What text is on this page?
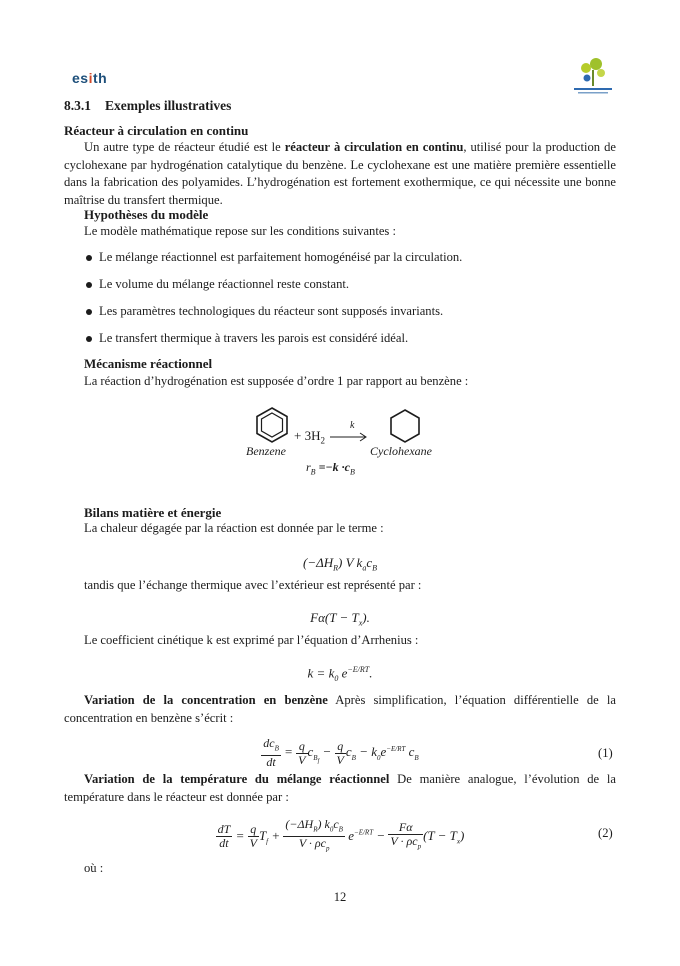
esith
8.3.1 Exemples illustratives
Réacteur à circulation en continu

Un autre type de réacteur étudié est le réacteur à circulation en continu, utilisé pour la production de cyclohexane par hydrogénation catalytique du benzène. Le cyclohexane est une matière première essentielle dans la fabrication des polyamides. L’hydrogénation est fortement exothermique, ce qui nécessite une bonne maîtrise du transfert thermique.

Hypothèses du modèle

Le modèle mathématique repose sur les conditions suivantes :

Le mélange réactionnel est parfaitement homogénéisé par la circulation.
Le volume du mélange réactionnel reste constant.
Les paramètres technologiques du réacteur sont supposés invariants.
Le transfert thermique à travers les parois est considéré idéal.
Mécanisme réactionnel

La réaction d’hydrogénation est supposée d’ordre 1 par rapport au benzène :

+ $3H_2$
k
Benzene	Cyclohexane
$r_B =-k \cdot c_B$
Bilans matière et énergie

La chaleur dégagée par la réaction est donnée par le terme :

$(-\Delta H_R)$ V $k_ac_B$

tandis que l’échange thermique avec l’extérieur est représenté par :

$F\alpha(T - T_x)$.

Le coefficient cinétique k est exprimé par l’équation d’Arrhenius :

$k = k_0$ $e^{-E/RT}$.

Variation de la concentration en benzène Après simplification, l’équation différentielle de la concentration en benzène s’écrit :

$\frac{dc_B}{dt} = \frac{q}{V} c_{B_f} - \frac{q}{V} c_B - k_0e^{-E/RT}$ $c_B$	(1)

Variation de la température du mélange réactionnel De manière analogue, l’évolution de la température dans le réacteur est donnée par :

$\frac{dT}{dt} = \frac{q}{V} T_f + \frac{(-\Delta H_R) k_0c_B}{V \cdot \rho c_p} e^{-E/RT} - \frac{F\alpha}{V \cdot \rho c_p} (T - T_x)$	(2)

où :

12
